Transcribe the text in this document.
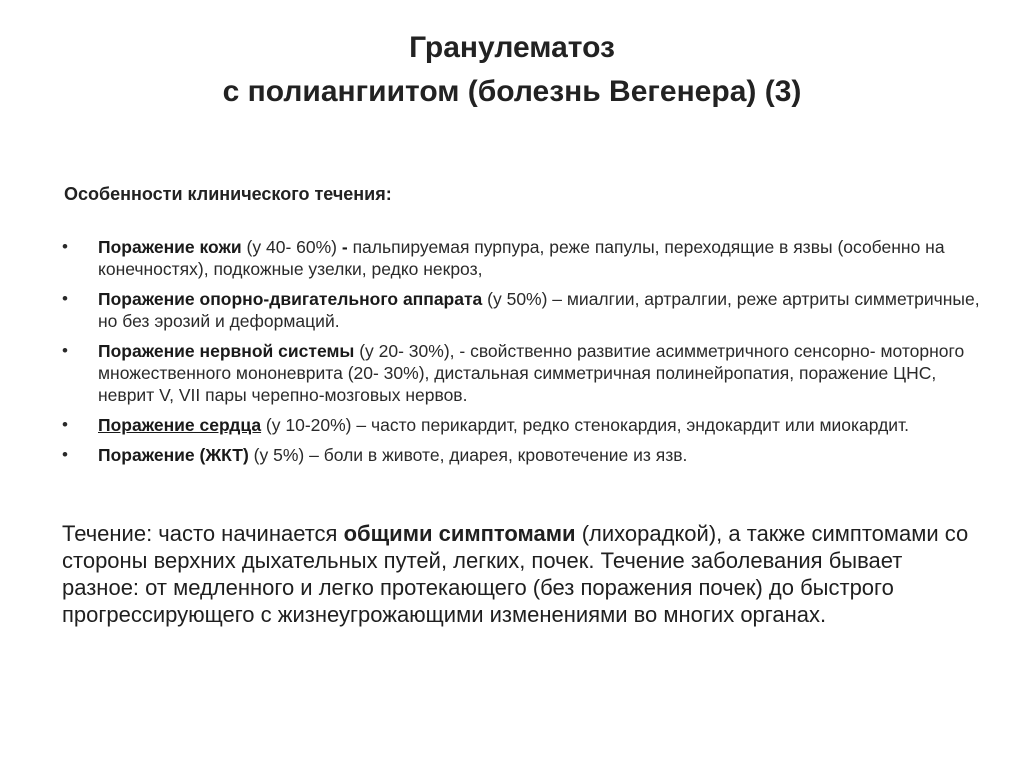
Гранулематоз
с полиангиитом (болезнь Вегенера) (3)
Особенности клинического течения:
• Поражение кожи (у 40- 60%) - пальпируемая пурпура, реже папулы, переходящие в язвы (особенно на конечностях), подкожные узелки, редко некроз,
• Поражение опорно-двигательного аппарата (у 50%) – миалгии, артралгии, реже артриты симметричные, но без эрозий и деформаций.
• Поражение нервной системы (у 20- 30%), - свойственно развитие асимметричного сенсорно- моторного множественного мононеврита (20- 30%), дистальная симметричная полинейропатия, поражение ЦНС, неврит V, VII пары черепно-мозговых нервов.
• Поражение сердца (у 10-20%) – часто перикардит, редко стенокардия, эндокардит или миокардит.
• Поражение (ЖКТ) (у 5%) – боли в животе, диарея, кровотечение из язв.
Течение: часто начинается общими симптомами (лихорадкой), а также симптомами со стороны верхних дыхательных путей, легких, почек. Течение заболевания бывает разное: от медленного и легко протекающего (без поражения почек) до быстрого прогрессирующего с жизнеугрожающими изменениями во многих органах.
